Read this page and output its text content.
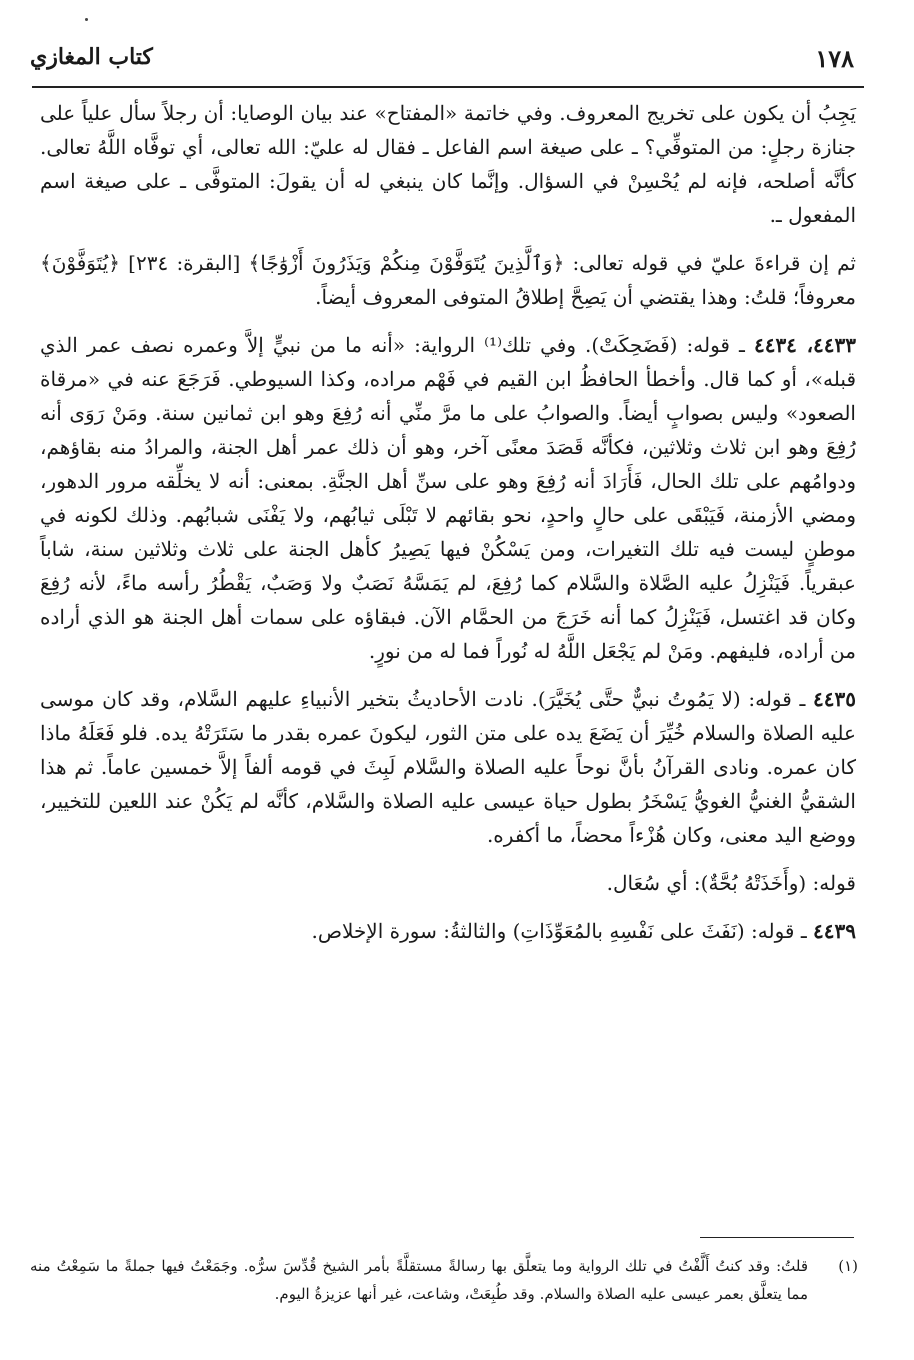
١٧٨
كتاب المغازي

يَجِبُ أن يكون على تخريج المعروف. وفي خاتمة «المفتاح» عند بيان الوصايا: أن رجلاً سأل علياً على جنازة رجلٍ: من المتوفِّي؟ ـ على صيغة اسم الفاعل ـ فقال له عليّ: الله تعالى، أي توفَّاه اللَّهُ تعالى. كأنَّه أصلحه، فإنه لم يُحْسِنْ في السؤال. وإنَّما كان ينبغي له أن يقولَ: المتوفَّى ـ على صيغة اسم المفعول ـ.

ثم إن قراءةَ عليّ في قوله تعالى: ﴿وَٱلَّذِينَ يُتَوَفَّوْنَ مِنكُمْ وَيَذَرُونَ أَزْوَٰجًا﴾ [البقرة: ٢٣٤] ﴿يُتَوَفَّوْنَ﴾ معروفاً؛ قلتُ: وهذا يقتضي أن يَصِحَّ إطلاقُ المتوفى المعروف أيضاً.

٤٤٣٣، ٤٤٣٤ ـ قوله: (فَضَحِكَتْ). وفي تلك⁽¹⁾ الرواية: «أنه ما من نبيٍّ إلاَّ وعمره نصف عمر الذي قبله»، أو كما قال. وأخطأ الحافظُ ابن القيم في فَهْم مراده، وكذا السيوطي. فَرَجَعَ عنه في «مرقاة الصعود» وليس بصوابٍ أيضاً. والصوابُ على ما مرَّ منِّي أنه رُفِعَ وهو ابن ثمانين سنة. ومَنْ رَوَى أنه رُفِعَ وهو ابن ثلاث وثلاثين، فكأنَّه قَصَدَ معنًى آخر، وهو أن ذلك عمر أهل الجنة، والمرادُ منه بقاؤهم، ودوامُهم على تلك الحال، فَأَرَادَ أنه رُفِعَ وهو على سنِّ أهل الجنَّةِ. بمعنى: أنه لا يخلِّقه مرور الدهور، ومضي الأزمنة، فَيَبْقَى على حالٍ واحدٍ، نحو بقائهم لا تَبْلَى ثيابُهم، ولا يَفْنَى شبابُهم. وذلك لكونه في موطنٍ ليست فيه تلك التغيرات، ومن يَسْكُنْ فيها يَصِيرُ كأهل الجنة على ثلاث وثلاثين سنة، شاباً عبقرياً. فَيَنْزِلُ عليه الصَّلاة والسَّلام كما رُفِعَ، لم يَمَسَّهُ نَصَبٌ ولا وَصَبٌ، يَقْطُرُ رأسه ماءً، لأنه رُفِعَ وكان قد اغتسل، فَيَنْزِلُ كما أنه خَرَجَ من الحمَّام الآن. فبقاؤه على سمات أهل الجنة هو الذي أراده من أراده، فليفهم. ومَنْ لم يَجْعَل اللَّهُ له نُوراً فما له من نورٍ.

٤٤٣٥ ـ قوله: (لا يَمُوتُ نبيٌّ حتَّى يُخَيَّرَ). نادت الأحاديثُ بتخير الأنبياءِ عليهم السَّلام، وقد كان موسى عليه الصلاة والسلام خُيِّرَ أن يَضَعَ يده على متن الثور، ليكونَ عمره بقدر ما سَتَرَتْهُ يده. فلو فَعَلَهُ ماذا كان عمره. ونادى القرآنُ بأنَّ نوحاً عليه الصلاة والسَّلام لَبِثَ في قومه ألفاً إلاَّ خمسين عاماً. ثم هذا الشقيُّ الغنيُّ الغويُّ يَسْخَرُ بطول حياة عيسى عليه الصلاة والسَّلام، كأنَّه لم يَكُنْ عند اللعين للتخيير، ووضع اليد معنى، وكان هُزْءاً محضاً، ما أكفره.

قوله: (وأَخَذَتْهُ بُحَّةٌ): أي سُعَال.

٤٤٣٩ ـ قوله: (نَفَثَ على نَفْسِهِ بالمُعَوِّذَاتِ) والثالثةُ: سورة الإخلاص.

(١)
قلتُ: وقد كنتُ أَلَّفْتُ في تلك الرواية وما يتعلَّق بها رسالةً مستقلَّةً بأمر الشيخ قُدِّسَ سرُّه. وجَمَعْتُ فيها جملةً ما سَمِعْتُ منه مما يتعلَّق بعمر عيسى عليه الصلاة والسلام. وقد طُبِعَتْ، وشاعت، غير أنها عزيزةُ اليوم.
